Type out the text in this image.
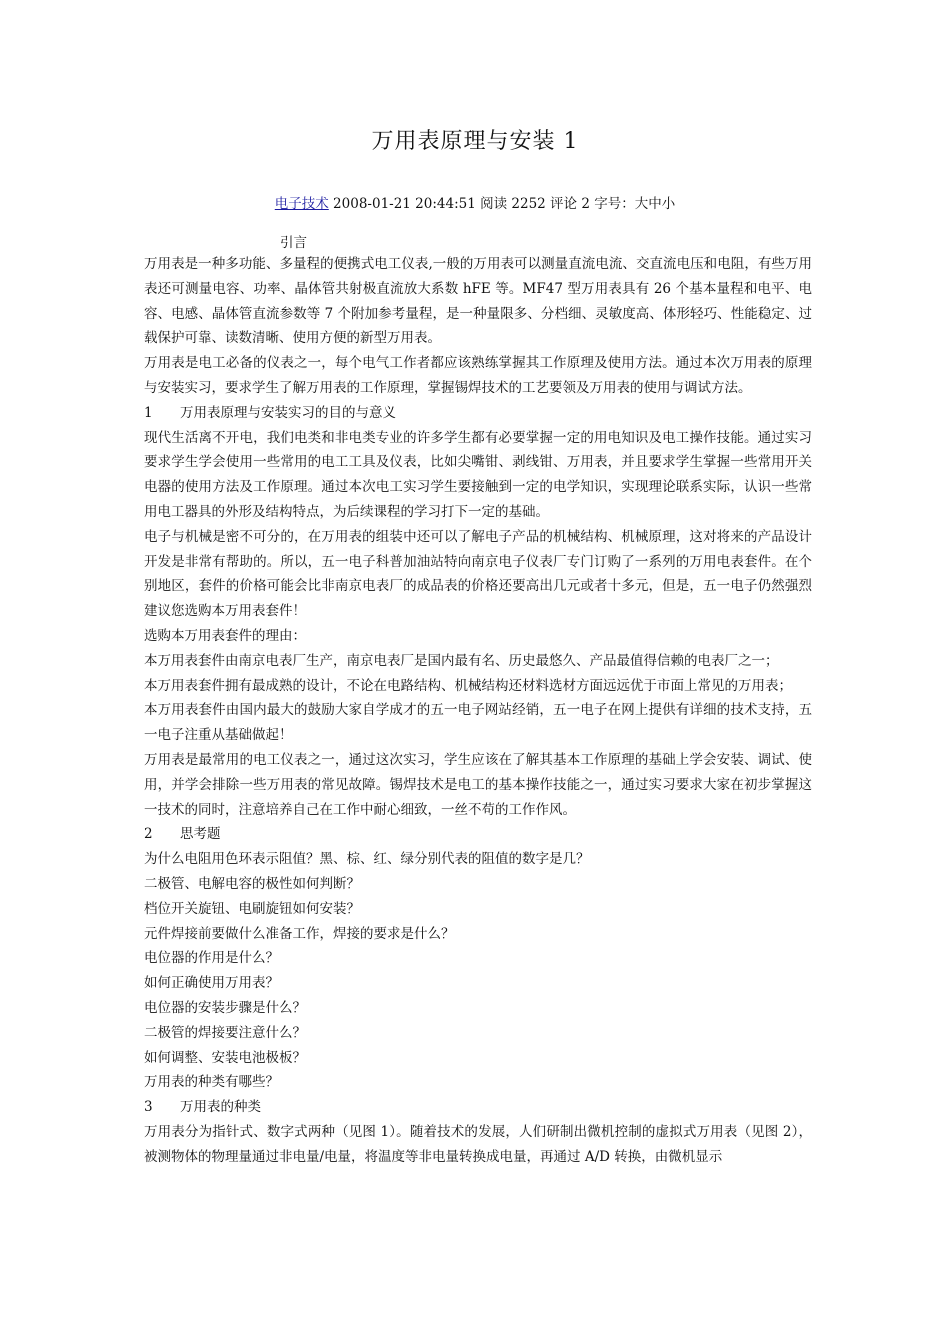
万用表原理与安装 1
电子技术 2008-01-21 20:44:51 阅读 2252 评论 2 字号：大中小
引言

万用表是一种多功能、多量程的便携式电工仪表,一般的万用表可以测量直流电流、交直流电压和电阻，有些万用表还可测量电容、功率、晶体管共射极直流放大系数 hFE 等。MF47 型万用表具有 26 个基本量程和电平、电容、电感、晶体管直流参数等 7 个附加参考量程，是一种量限多、分档细、灵敏度高、体形轻巧、性能稳定、过载保护可靠、读数清晰、使用方便的新型万用表。

万用表是电工必备的仪表之一，每个电气工作者都应该熟练掌握其工作原理及使用方法。通过本次万用表的原理与安装实习，要求学生了解万用表的工作原理，掌握锡焊技术的工艺要领及万用表的使用与调试方法。

1 万用表原理与安装实习的目的与意义

现代生活离不开电，我们电类和非电类专业的许多学生都有必要掌握一定的用电知识及电工操作技能。通过实习要求学生学会使用一些常用的电工工具及仪表，比如尖嘴钳、剥线钳、万用表，并且要求学生掌握一些常用开关电器的使用方法及工作原理。通过本次电工实习学生要接触到一定的电学知识，实现理论联系实际，认识一些常用电工器具的外形及结构特点，为后续课程的学习打下一定的基础。

电子与机械是密不可分的，在万用表的组装中还可以了解电子产品的机械结构、机械原理，这对将来的产品设计开发是非常有帮助的。所以，五一电子科普加油站特向南京电子仪表厂专门订购了一系列的万用电表套件。在个别地区，套件的价格可能会比非南京电表厂的成品表的价格还要高出几元或者十多元，但是，五一电子仍然强烈建议您选购本万用表套件！

选购本万用表套件的理由：

本万用表套件由南京电表厂生产，南京电表厂是国内最有名、历史最悠久、产品最值得信赖的电表厂之一；

本万用表套件拥有最成熟的设计，不论在电路结构、机械结构还材料选材方面远远优于市面上常见的万用表；

本万用表套件由国内最大的鼓励大家自学成才的五一电子网站经销，五一电子在网上提供有详细的技术支持，五一电子注重从基础做起！

万用表是最常用的电工仪表之一，通过这次实习，学生应该在了解其基本工作原理的基础上学会安装、调试、使用，并学会排除一些万用表的常见故障。锡焊技术是电工的基本操作技能之一，通过实习要求大家在初步掌握这一技术的同时，注意培养自己在工作中耐心细致，一丝不苟的工作作风。

2 思考题

为什么电阻用色环表示阻值？黑、棕、红、绿分别代表的阻值的数字是几？

二极管、电解电容的极性如何判断？

档位开关旋钮、电刷旋钮如何安装？

元件焊接前要做什么准备工作，焊接的要求是什么？

电位器的作用是什么？

如何正确使用万用表？

电位器的安装步骤是什么？

二极管的焊接要注意什么？

如何调整、安装电池极板？

万用表的种类有哪些？

3 万用表的种类

万用表分为指针式、数字式两种（见图 1）。随着技术的发展，人们研制出微机控制的虚拟式万用表（见图 2），被测物体的物理量通过非电量/电量，将温度等非电量转换成电量，再通过 A/D 转换，由微机显示
